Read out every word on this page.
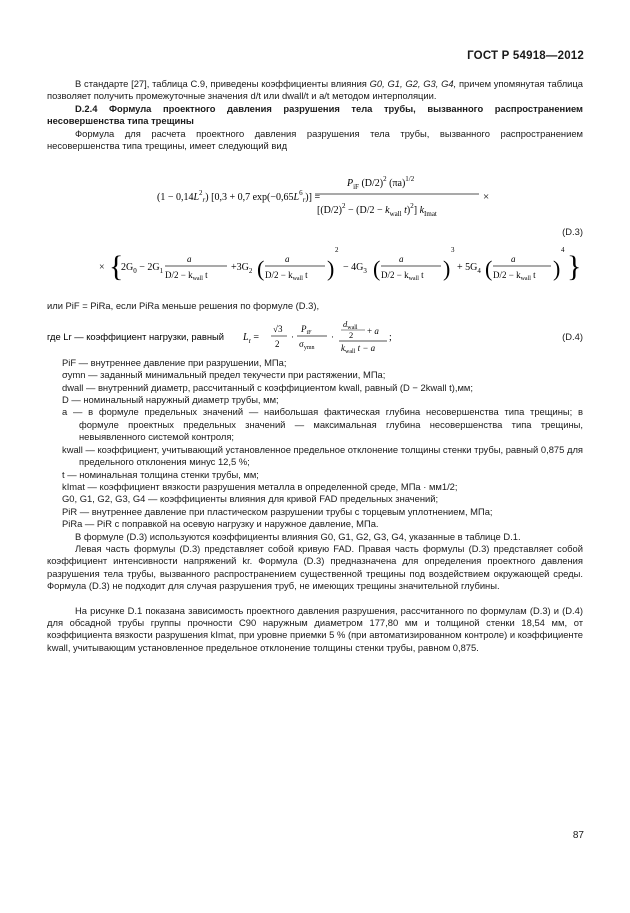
ГОСТ Р 54918—2012

В стандарте [27], таблица С.9, приведены коэффициенты влияния G0, G1, G2, G3, G4, причем упомянутая таблица позволяет получить промежуточные значения d/t или dwall/t и a/t методом интерполяции.

D.2.4 Формула проектного давления разрушения тела трубы, вызванного распространением несовершенства типа трещины

Формула для расчета проектного давления разрушения тела трубы, вызванного распространением несовершенства типа трещины, имеет следующий вид

$(1 - 0,14L^2_r)$ [0,3 + 0,7 $\exp(-0,65L^6_r)$] =
$P_{iF}$ $(D/2)^2$ $(\pi a)^{1/2}$
[$(D/2)^2 - (D/2 - k_{wall}$ t)$^2$] $k_{Imat}$
×
(D.3)
× {
$2G_0 - 2G_1$
a
$D/2 - k_{wall}$ t
$+3G_2$ ( a
$D/2 - k_{wall}$ t )
2
− $4G_3$ ( a
$D/2 - k_{wall}$ t )
3
+ $5G_4$ ( a
$D/2 - k_{wall}$ t )
4 }

или PiF = PiRa, если PiRa меньше решения по формуле (D.3),

где Lr — коэффициент нагрузки, равный $L_r$ =
√3
2
·
$P_{iF}$
$\sigma_{ymn}$
·
$d_{wall}$
2 + a
$k_{wall}$ t − a
;	(D.4)

PiF — внутреннее давление при разрушении, МПа;

σymn — заданный минимальный предел текучести при растяжении, МПа;

dwall — внутренний диаметр, рассчитанный с коэффициентом kwall, равный (D − 2kwall t),мм;

D — номинальный наружный диаметр трубы, мм;

a — в формуле предельных значений — наибольшая фактическая глубина несовершенства типа трещины; в формуле проектных предельных значений — максимальная глубина несовершенства типа трещины, невыявленного системой контроля;

kwall — коэффициент, учитывающий установленное предельное отклонение толщины стенки трубы, равный 0,875 для предельного отклонения минус 12,5 %;

t — номинальная толщина стенки трубы, мм;

kImat — коэффициент вязкости разрушения металла в определенной среде, МПа · мм1/2;

G0, G1, G2, G3, G4 — коэффициенты влияния для кривой FAD предельных значений;

PiR — внутреннее давление при пластическом разрушении трубы с торцевым уплотнением, МПа;

PiRa — PiR с поправкой на осевую нагрузку и наружное давление, МПа.

В формуле (D.3) используются коэффициенты влияния G0, G1, G2, G3, G4, указанные в таблице D.1.

Левая часть формулы (D.3) представляет собой кривую FAD. Правая часть формулы (D.3) представляет собой коэффициент интенсивности напряжений kr. Формула (D.3) предназначена для определения проектного давления разрушения тела трубы, вызванного распространением существенной трещины под воздействием окружающей среды. Формула (D.3) не подходит для случая разрушения труб, не имеющих трещины значительной глубины.

На рисунке D.1 показана зависимость проектного давления разрушения, рассчитанного по формулам (D.3) и (D.4) для обсадной трубы группы прочности С90 наружным диаметром 177,80 мм и толщиной стенки 18,54 мм, от коэффициента вязкости разрушения kImat, при уровне приемки 5 % (при автоматизированном контроле) и коэффициенте kwall, учитывающим установленное предельное отклонение толщины стенки трубы, равном 0,875.

87
